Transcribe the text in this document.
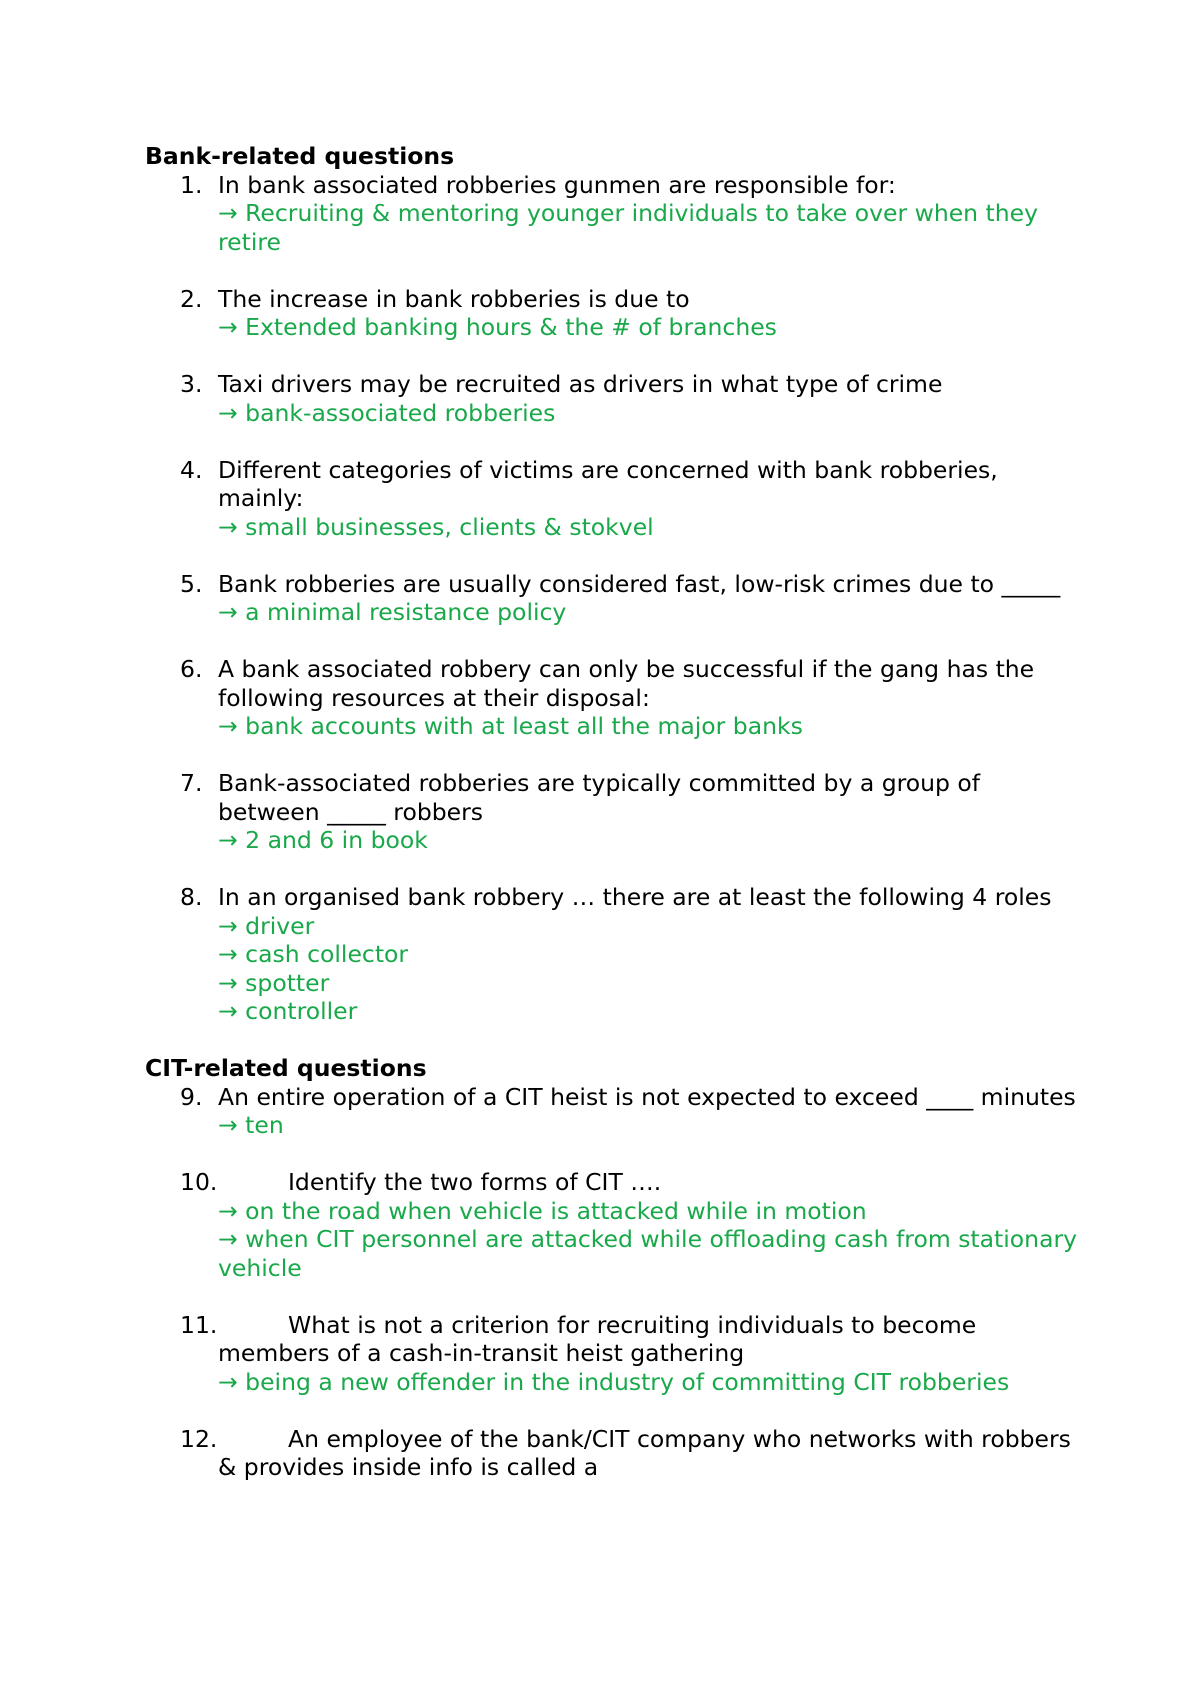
Bank-related questions
1. In bank associated robberies gunmen are responsible for:
→ Recruiting & mentoring younger individuals to take over when they retire
2. The increase in bank robberies is due to
→ Extended banking hours & the # of branches
3. Taxi drivers may be recruited as drivers in what type of crime
→ bank-associated robberies
4. Different categories of victims are concerned with bank robberies, mainly:
→ small businesses, clients & stokvel
5. Bank robberies are usually considered fast, low-risk crimes due to _____
→ a minimal resistance policy
6. A bank associated robbery can only be successful if the gang has the following resources at their disposal:
→ bank accounts with at least all the major banks
7. Bank-associated robberies are typically committed by a group of between _____ robbers
→ 2 and 6 in book
8. In an organised bank robbery … there are at least the following 4 roles
→ driver
→ cash collector
→ spotter
→ controller
CIT-related questions
9. An entire operation of a CIT heist is not expected to exceed ____ minutes
→ ten
10.	Identify the two forms of CIT ….
→ on the road when vehicle is attacked while in motion
→ when CIT personnel are attacked while offloading cash from stationary vehicle
11.	What is not a criterion for recruiting individuals to become members of a cash-in-transit heist gathering
→ being a new offender in the industry of committing CIT robberies
12.	An employee of the bank/CIT company who networks with robbers & provides inside info is called a
